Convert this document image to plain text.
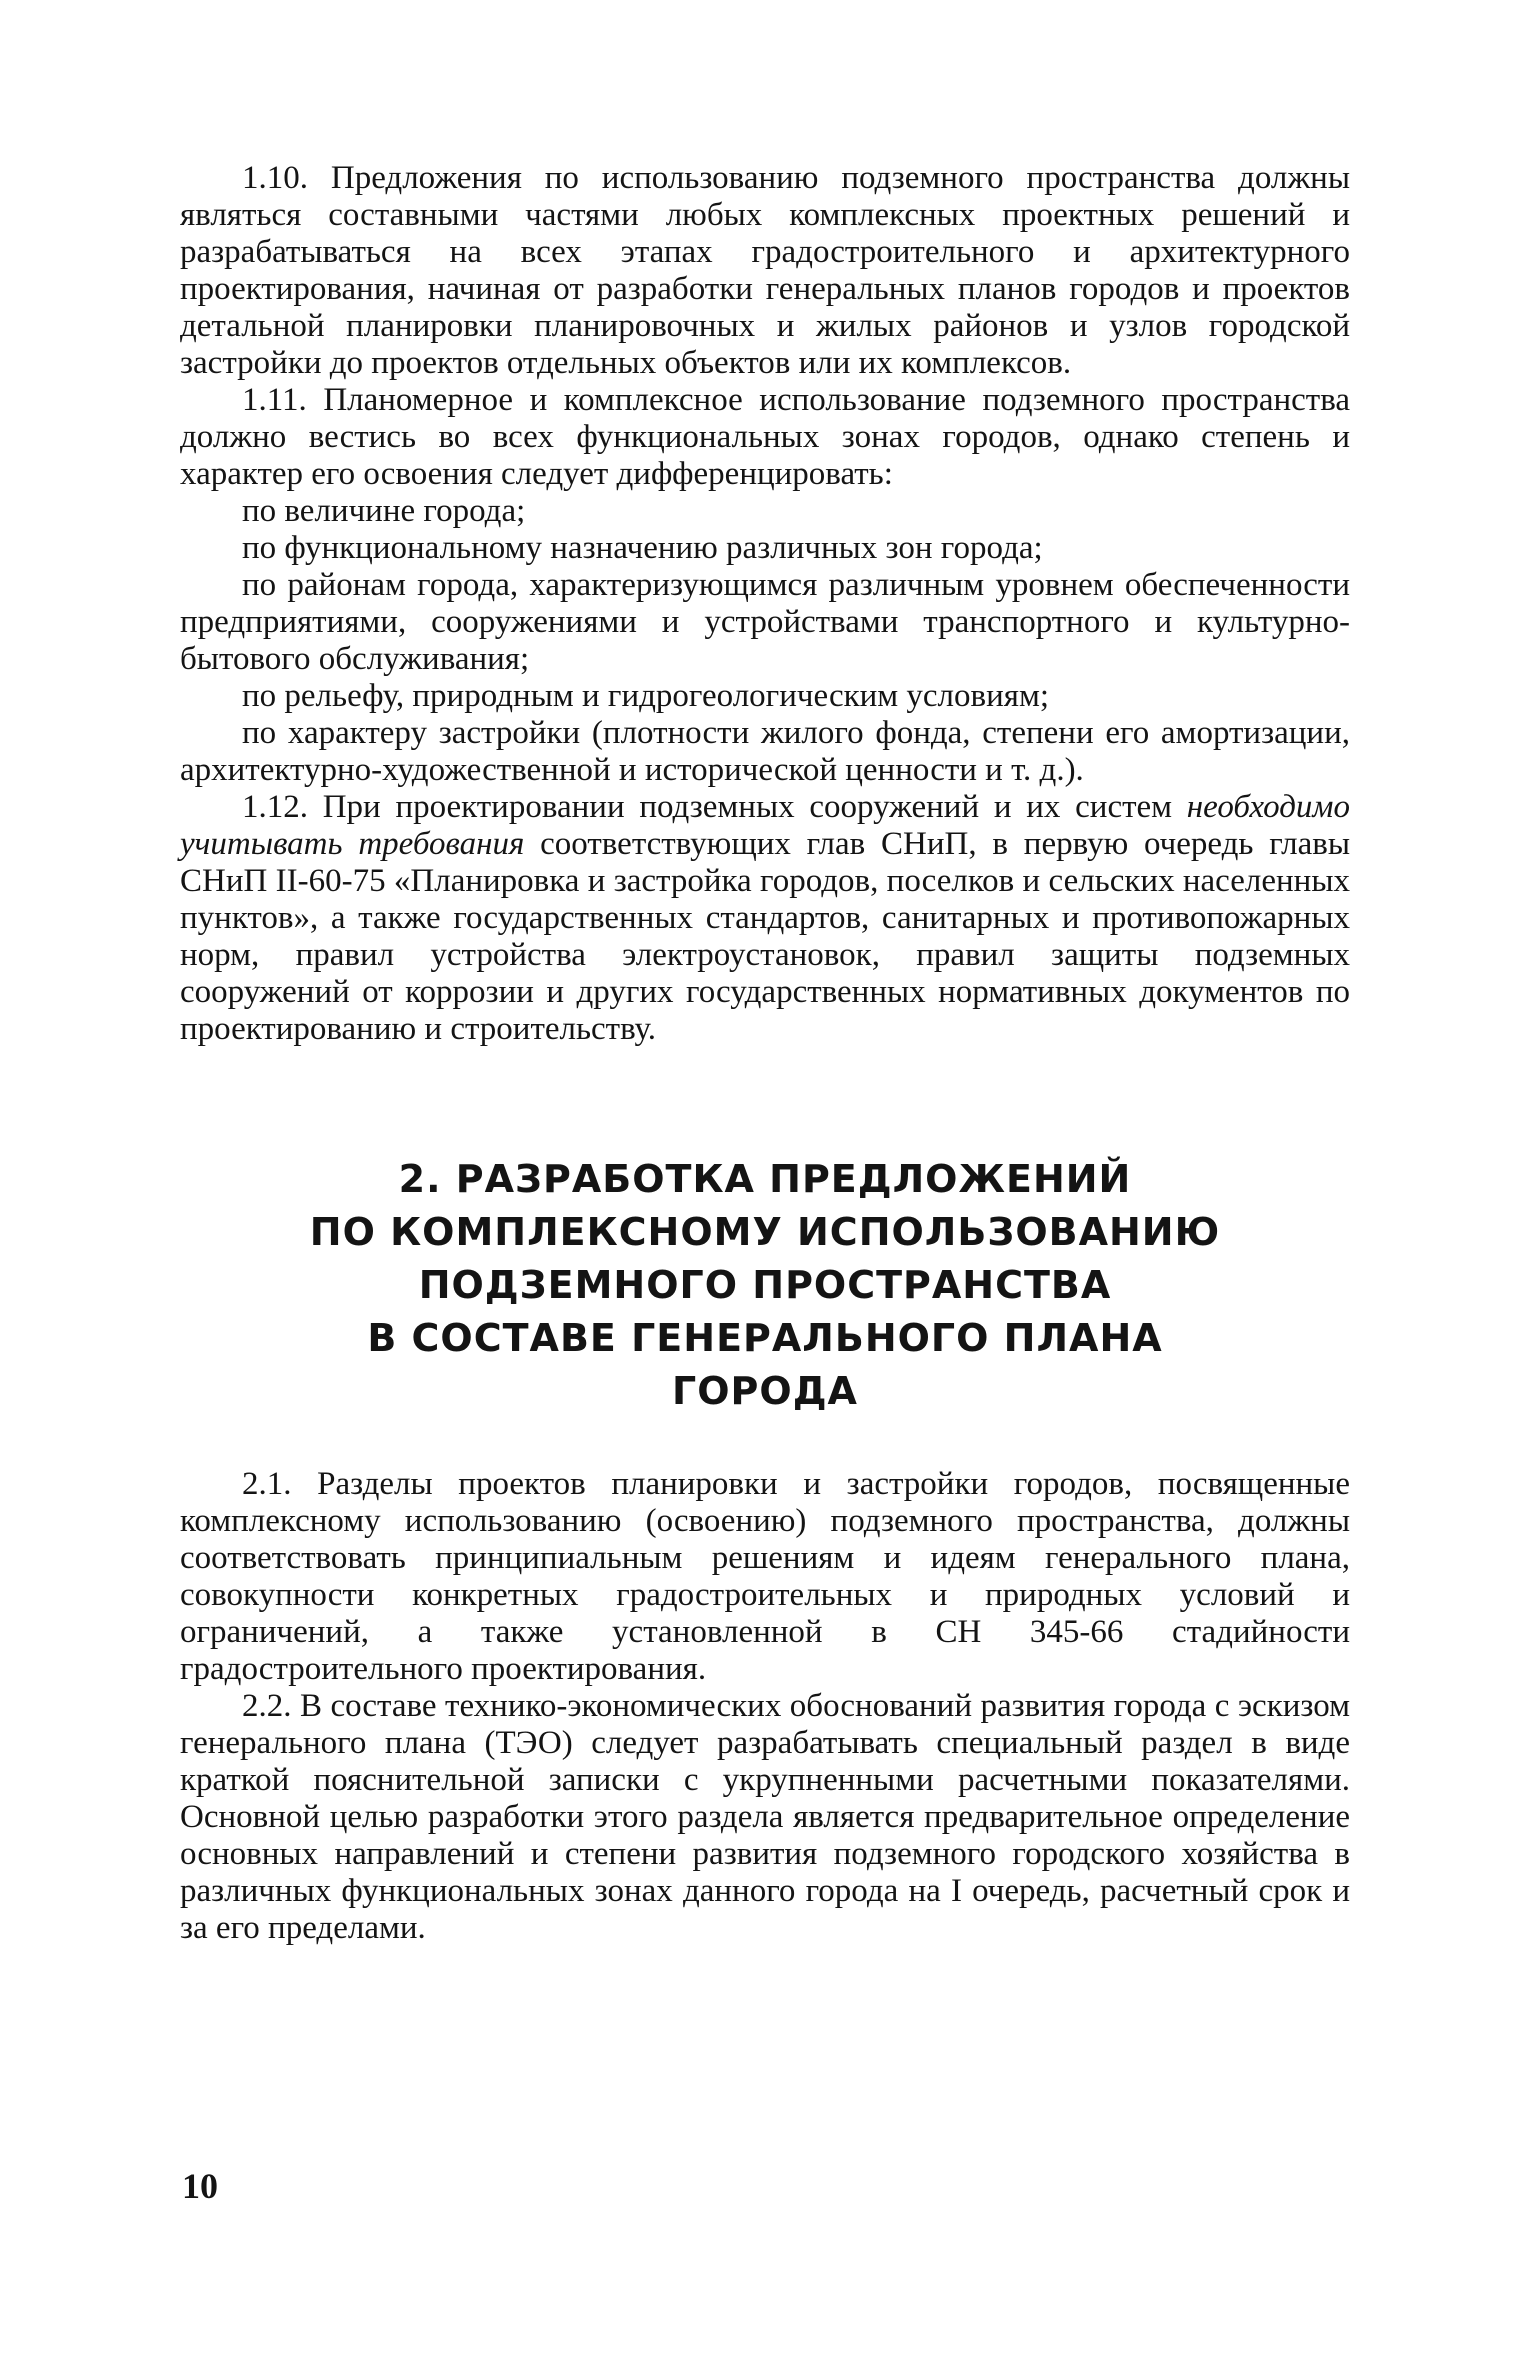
1.10. Предложения по использованию подземного пространства должны являться составными частями любых комплексных проектных решений и разрабатываться на всех этапах градостроительного и архитектурного проектирования, начиная от разработки генеральных планов городов и проектов детальной планировки планировочных и жилых районов и узлов городской застройки до проектов отдельных объектов или их комплексов.

1.11. Планомерное и комплексное использование подземного пространства должно вестись во всех функциональных зонах городов, однако степень и характер его освоения следует дифференцировать:

по величине города;

по функциональному назначению различных зон города;

по районам города, характеризующимся различным уровнем обеспеченности предприятиями, сооружениями и устройствами транспортного и культурно-бытового обслуживания;

по рельефу, природным и гидрогеологическим условиям;

по характеру застройки (плотности жилого фонда, степени его амортизации, архитектурно-художественной и исторической ценности и т. д.).

1.12. При проектировании подземных сооружений и их систем необходимо учитывать требования соответствующих глав СНиП, в первую очередь главы СНиП II-60-75 «Планировка и застройка городов, поселков и сельских населенных пунктов», а также государственных стандартов, санитарных и противопожарных норм, правил устройства электроустановок, правил защиты подземных сооружений от коррозии и других государственных нормативных документов по проектированию и строительству.

2. РАЗРАБОТКА ПРЕДЛОЖЕНИЙ
ПО КОМПЛЕКСНОМУ ИСПОЛЬЗОВАНИЮ
ПОДЗЕМНОГО ПРОСТРАНСТВА
В СОСТАВЕ ГЕНЕРАЛЬНОГО ПЛАНА
ГОРОДА

2.1. Разделы проектов планировки и застройки городов, посвященные комплексному использованию (освоению) подземного пространства, должны соответствовать принципиальным решениям и идеям генерального плана, совокупности конкретных градостроительных и природных условий и ограничений, а также установленной в СН 345-66 стадийности градостроительного проектирования.

2.2. В составе технико-экономических обоснований развития города с эскизом генерального плана (ТЭО) следует разрабатывать специальный раздел в виде краткой пояснительной записки с укрупненными расчетными показателями. Основной целью разработки этого раздела является предварительное определение основных направлений и степени развития подземного городского хозяйства в различных функциональных зонах данного города на I очередь, расчетный срок и за его пределами.

10
